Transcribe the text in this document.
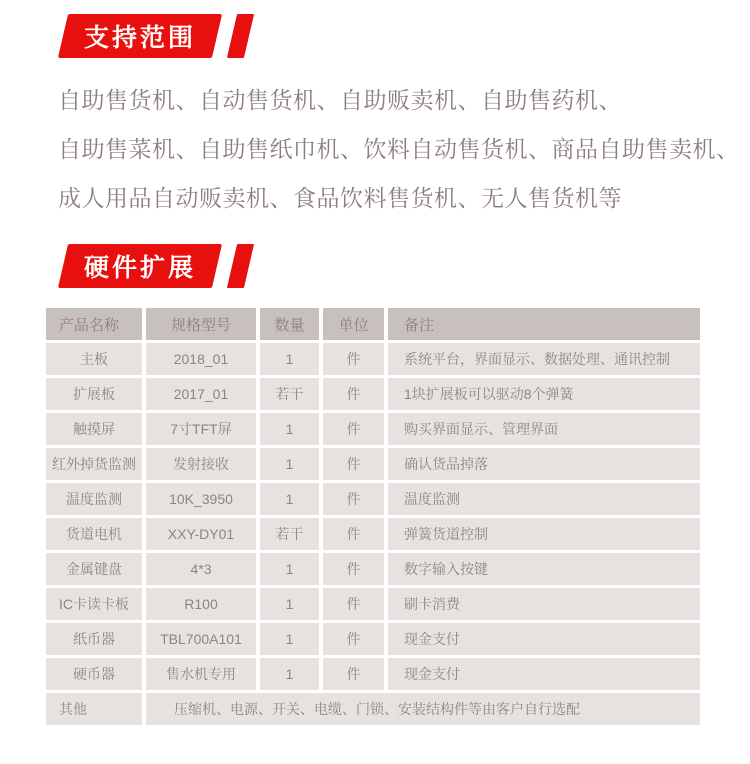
支持范围
自助售货机、自动售货机、自助贩卖机、自助售药机、
自助售菜机、自助售纸巾机、饮料自动售货机、商品自助售卖机、
成人用品自动贩卖机、食品饮料售货机、无人售货机等
硬件扩展
产品名称	规格型号	数量	单位	备注
主板	2018_01	1	件	系统平台，界面显示、数据处理、通讯控制
扩展板	2017_01	若干	件	1块扩展板可以驱动8个弹簧
触摸屏	7寸TFT屏	1	件	购买界面显示、管理界面
红外掉货监测	发射接收	1	件	确认货品掉落
温度监测	10K_3950	1	件	温度监测
货道电机	XXY-DY01	若干	件	弹簧货道控制
金属键盘	4*3	1	件	数字输入按键
IC卡读卡板	R100	1	件	刷卡消费
纸币器	TBL700A101	1	件	现金支付
硬币器	售水机专用	1	件	现金支付
其他	压缩机、电源、开关、电缆、门锁、安装结构件等由客户自行选配			
